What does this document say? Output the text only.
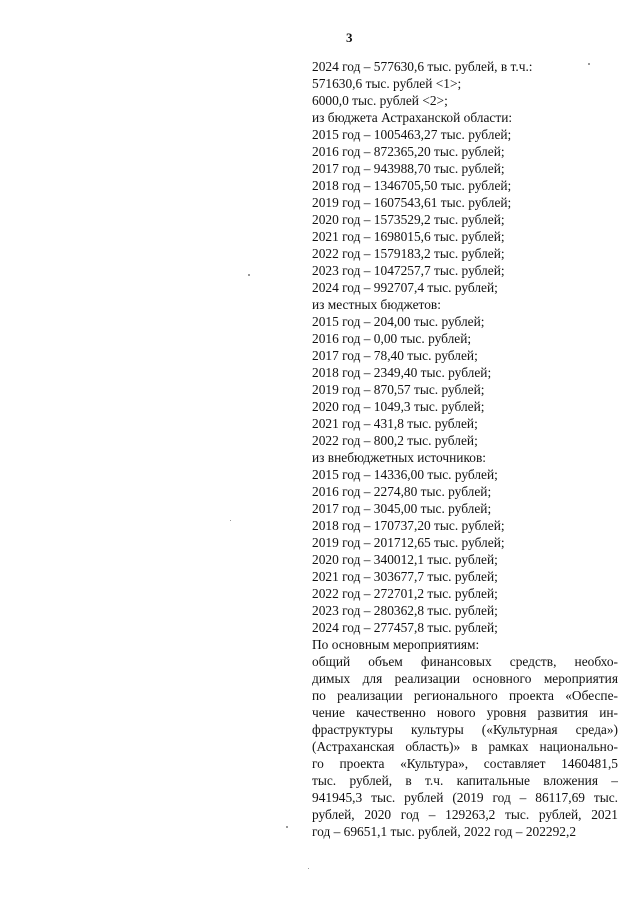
3
2024 год – 577630,6 тыс. рублей, в т.ч.:
571630,6 тыс. рублей <1>;
6000,0 тыс. рублей <2>;
из бюджета Астраханской области:
2015 год – 1005463,27 тыс. рублей;
2016 год – 872365,20 тыс. рублей;
2017 год – 943988,70 тыс. рублей;
2018 год – 1346705,50 тыс. рублей;
2019 год – 1607543,61 тыс. рублей;
2020 год – 1573529,2 тыс. рублей;
2021 год – 1698015,6 тыс. рублей;
2022 год – 1579183,2 тыс. рублей;
2023 год – 1047257,7 тыс. рублей;
2024 год – 992707,4 тыс. рублей;
из местных бюджетов:
2015 год – 204,00 тыс. рублей;
2016 год – 0,00 тыс. рублей;
2017 год – 78,40 тыс. рублей;
2018 год – 2349,40 тыс. рублей;
2019 год – 870,57 тыс. рублей;
2020 год – 1049,3 тыс. рублей;
2021 год – 431,8 тыс. рублей;
2022 год – 800,2 тыс. рублей;
из внебюджетных источников:
2015 год – 14336,00 тыс. рублей;
2016 год – 2274,80 тыс. рублей;
2017 год – 3045,00 тыс. рублей;
2018 год – 170737,20 тыс. рублей;
2019 год – 201712,65 тыс. рублей;
2020 год – 340012,1 тыс. рублей;
2021 год – 303677,7 тыс. рублей;
2022 год – 272701,2 тыс. рублей;
2023 год – 280362,8 тыс. рублей;
2024 год – 277457,8 тыс. рублей;
По основным мероприятиям:
общий объем финансовых средств, необхо-
димых для реализации основного мероприятия
по реализации регионального проекта «Обеспе-
чение качественно нового уровня развития ин-
фраструктуры культуры («Культурная среда»)
(Астраханская область)» в рамках национально-
го проекта «Культура», составляет 1460481,5
тыс. рублей, в т.ч. капитальные вложения –
941945,3 тыс. рублей (2019 год – 86117,69 тыс.
рублей, 2020 год – 129263,2 тыс. рублей, 2021
год – 69651,1 тыс. рублей, 2022 год – 202292,2
